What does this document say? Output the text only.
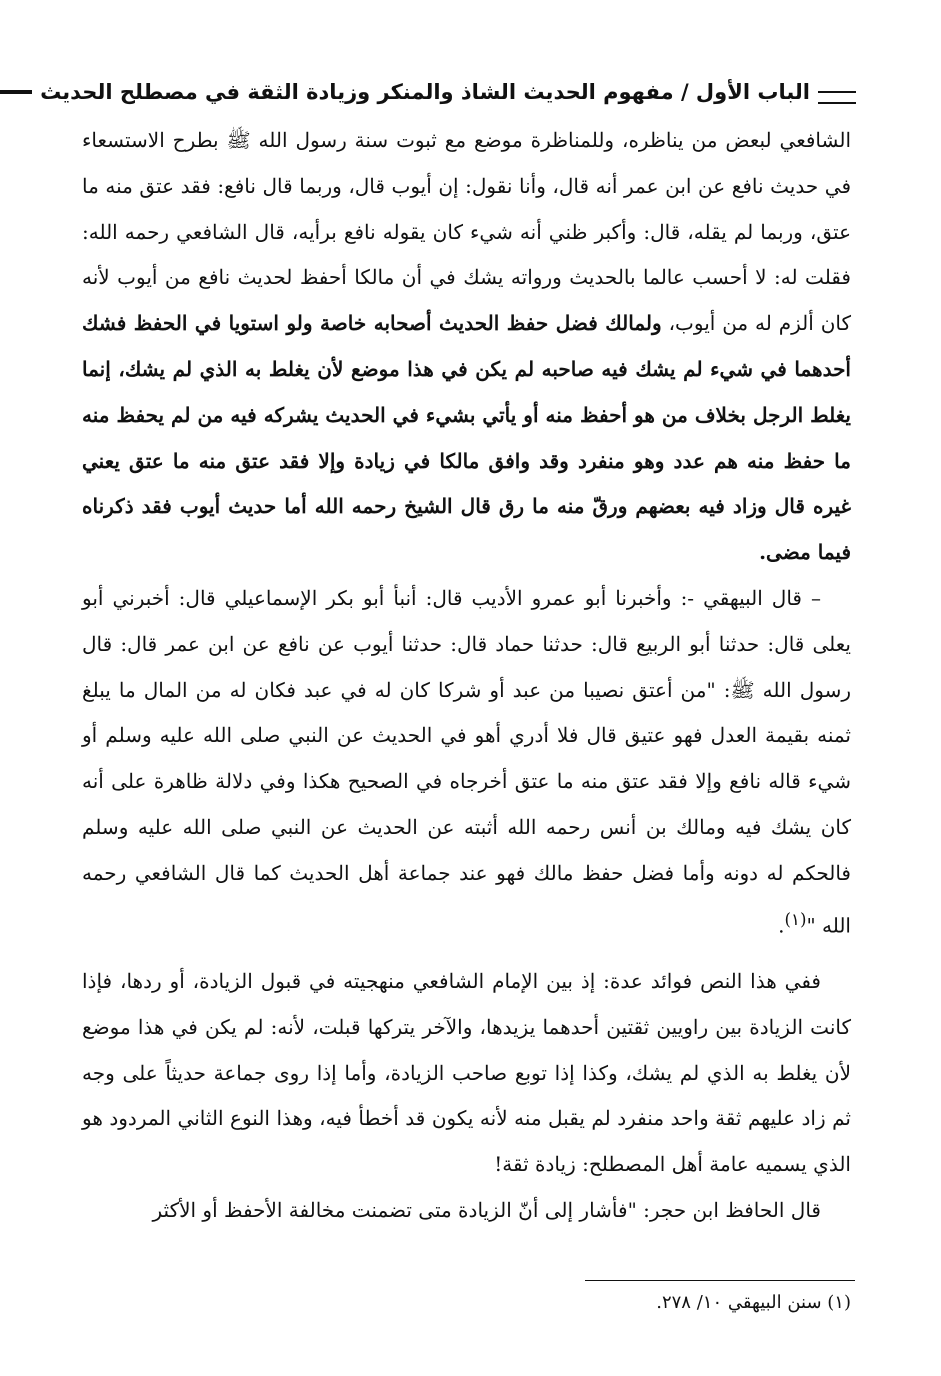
الباب الأول / مفهوم الحديث الشاذ والمنكر وزيادة الثقة في مصطلح الحديث

الشافعي لبعض من يناظره، وللمناظرة موضع مع ثبوت سنة رسول الله ﷺ بطرح الاستسعاء في حديث نافع عن ابن عمر أنه قال، وأنا نقول: إن أيوب قال، وربما قال نافع: فقد عتق منه ما عتق، وربما لم يقله، قال: وأكبر ظني أنه شيء كان يقوله نافع برأيه، قال الشافعي رحمه الله: فقلت له: لا أحسب عالما بالحديث ورواته يشك في أن مالكا أحفظ لحديث نافع من أيوب لأنه كان ألزم له من أيوب، ولمالك فضل حفظ الحديث أصحابه خاصة ولو استويا في الحفظ فشك أحدهما في شيء لم يشك فيه صاحبه لم يكن في هذا موضع لأن يغلط به الذي لم يشك، إنما يغلط الرجل بخلاف من هو أحفظ منه أو يأتي بشيء في الحديث يشركه فيه من لم يحفظ منه ما حفظ منه هم عدد وهو منفرد وقد وافق مالكا في زيادة وإلا فقد عتق منه ما عتق يعني غيره قال وزاد فيه بعضهم ورقّ منه ما رق قال الشيخ رحمه الله أما حديث أيوب فقد ذكرناه فيما مضى.

– قال البيهقي -: وأخبرنا أبو عمرو الأديب قال: أنبأ أبو بكر الإسماعيلي قال: أخبرني أبو يعلى قال: حدثنا أبو الربيع قال: حدثنا حماد قال: حدثنا أيوب عن نافع عن ابن عمر قال: قال رسول الله ﷺ: "من أعتق نصيبا من عبد أو شركا كان له في عبد فكان له من المال ما يبلغ ثمنه بقيمة العدل فهو عتيق قال فلا أدري أهو في الحديث عن النبي صلى الله عليه وسلم أو شيء قاله نافع وإلا فقد عتق منه ما عتق أخرجاه في الصحيح هكذا وفي دلالة ظاهرة على أنه كان يشك فيه ومالك بن أنس رحمه الله أثبته عن الحديث عن النبي صلى الله عليه وسلم فالحكم له دونه وأما فضل حفظ مالك فهو عند جماعة أهل الحديث كما قال الشافعي رحمه الله "$^{(١)}$.

ففي هذا النص فوائد عدة: إذ بين الإمام الشافعي منهجيته في قبول الزيادة، أو ردها، فإذا كانت الزيادة بين راويين ثقتين أحدهما يزيدها، والآخر يتركها قبلت، لأنه: لم يكن في هذا موضع لأن يغلط به الذي لم يشك، وكذا إذا توبع صاحب الزيادة، وأما إذا روى جماعة حديثاً على وجه ثم زاد عليهم ثقة واحد منفرد لم يقبل منه لأنه يكون قد أخطأ فيه، وهذا النوع الثاني المردود هو الذي يسميه عامة أهل المصطلح: زيادة ثقة!

قال الحافظ ابن حجر: "فأشار إلى أنّ الزيادة متى تضمنت مخالفة الأحفظ أو الأكثر

(١) سنن البيهقي ١٠/ ٢٧٨.
